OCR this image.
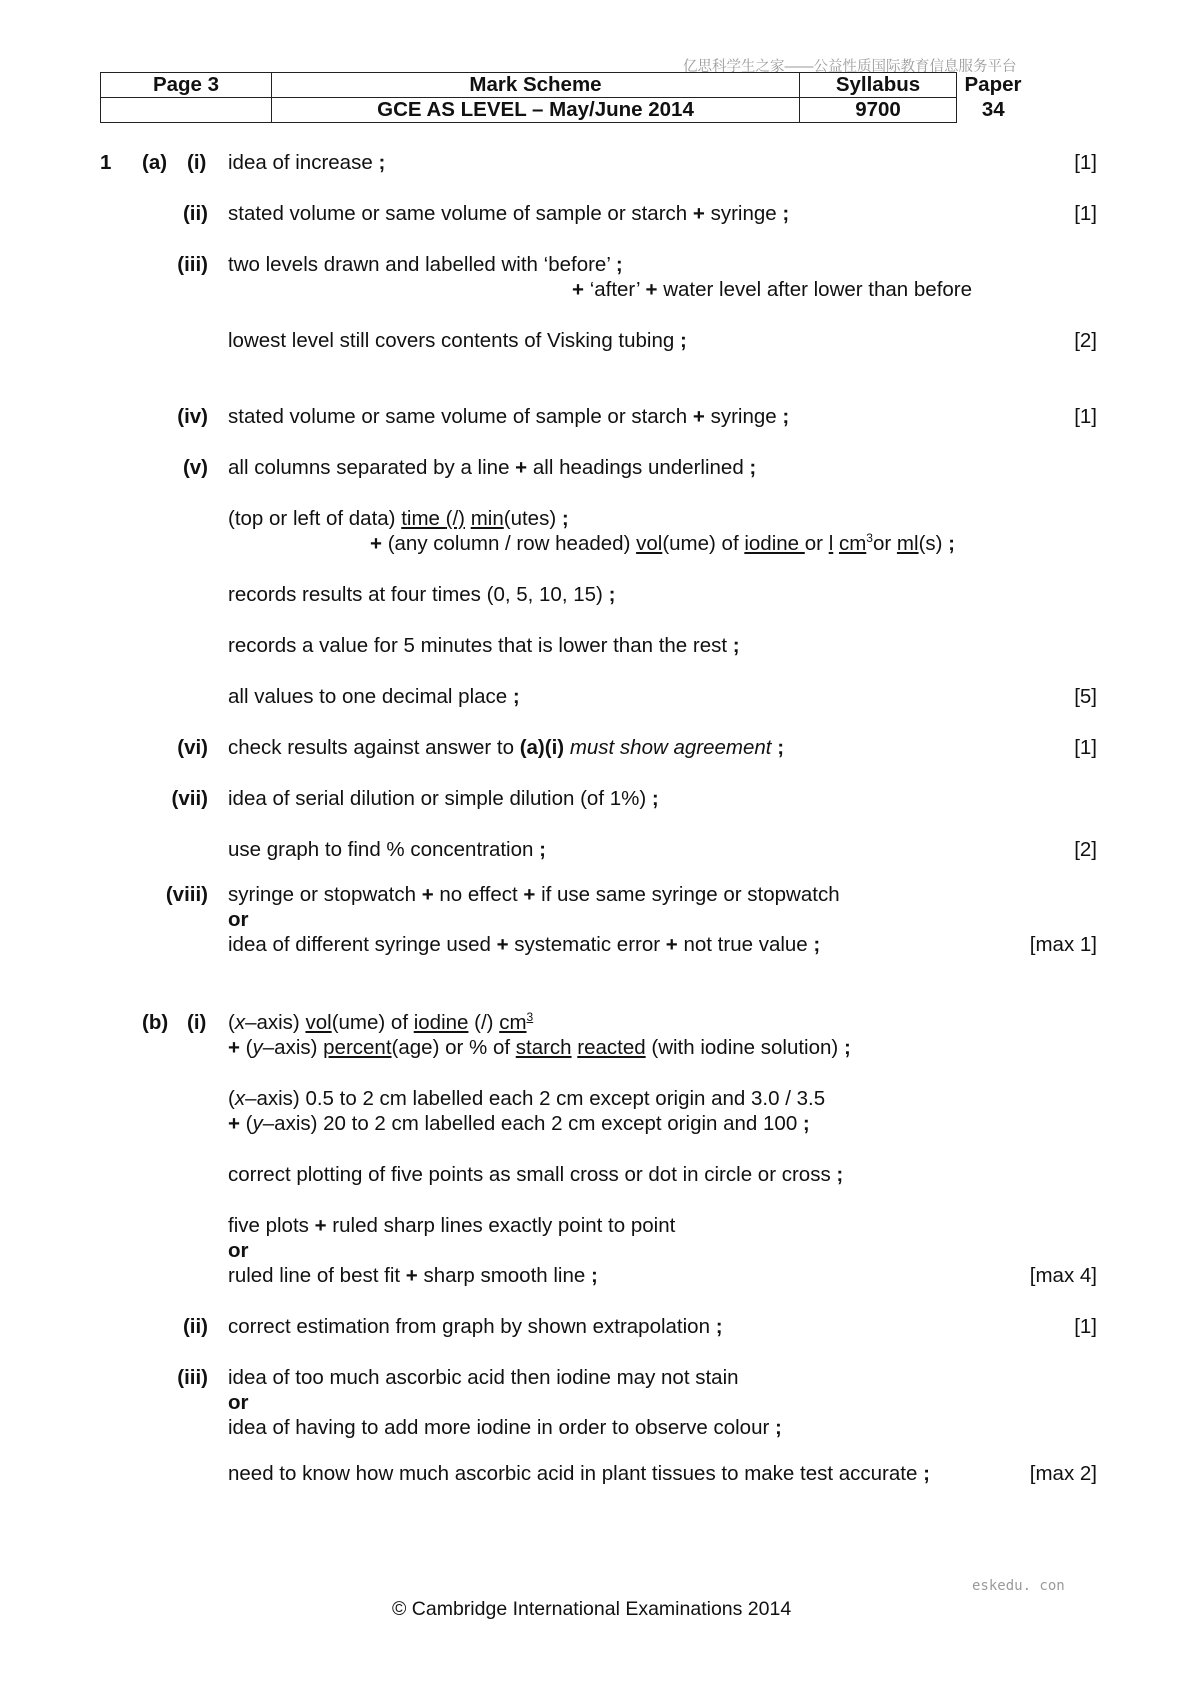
亿思科学生之家——公益性质国际教育信息服务平台
Page 3	Mark Scheme	Syllabus	Paper
	GCE AS LEVEL – May/June 2014	9700	34
1 (a) (i) idea of increase ;	[1]
(ii) stated volume or same volume of sample or starch + syringe ;	[1]
(iii) two levels drawn and labelled with ‘before’ ;
+ ‘after’ + water level after lower than before
lowest level still covers contents of Visking tubing ;	[2]
(iv) stated volume or same volume of sample or starch + syringe ;	[1]
(v) all columns separated by a line + all headings underlined ;
(top or left of data) time (/) min(utes) ;
+ (any column / row headed) vol(ume) of iodine or l $cm^3or$ ml(s) ;
records results at four times (0, 5, 10, 15) ;
records a value for 5 minutes that is lower than the rest ;
all values to one decimal place ;	[5]
(vi) check results against answer to (a)(i) must show agreement ;	[1]
(vii) idea of serial dilution or simple dilution (of 1%) ;
use graph to find % concentration ;	[2]
(viii) syringe or stopwatch + no effect + if use same syringe or stopwatch
or
idea of different syringe used + systematic error + not true value ;	[max 1]
(b) (i) (x–axis) vol(ume) of iodine (/) $cm^3$
+ (y–axis) percent(age) or % of starch reacted (with iodine solution) ;
(x–axis) 0.5 to 2 cm labelled each 2 cm except origin and 3.0 / 3.5
+ (y–axis) 20 to 2 cm labelled each 2 cm except origin and 100 ;
correct plotting of five points as small cross or dot in circle or cross ;
five plots + ruled sharp lines exactly point to point
or
ruled line of best fit + sharp smooth line ;	[max 4]
(ii) correct estimation from graph by shown extrapolation ;	[1]
(iii) idea of too much ascorbic acid then iodine may not stain
or
idea of having to add more iodine in order to observe colour ;
need to know how much ascorbic acid in plant tissues to make test accurate ;	[max 2]
eskedu. con
© Cambridge International Examinations 2014
